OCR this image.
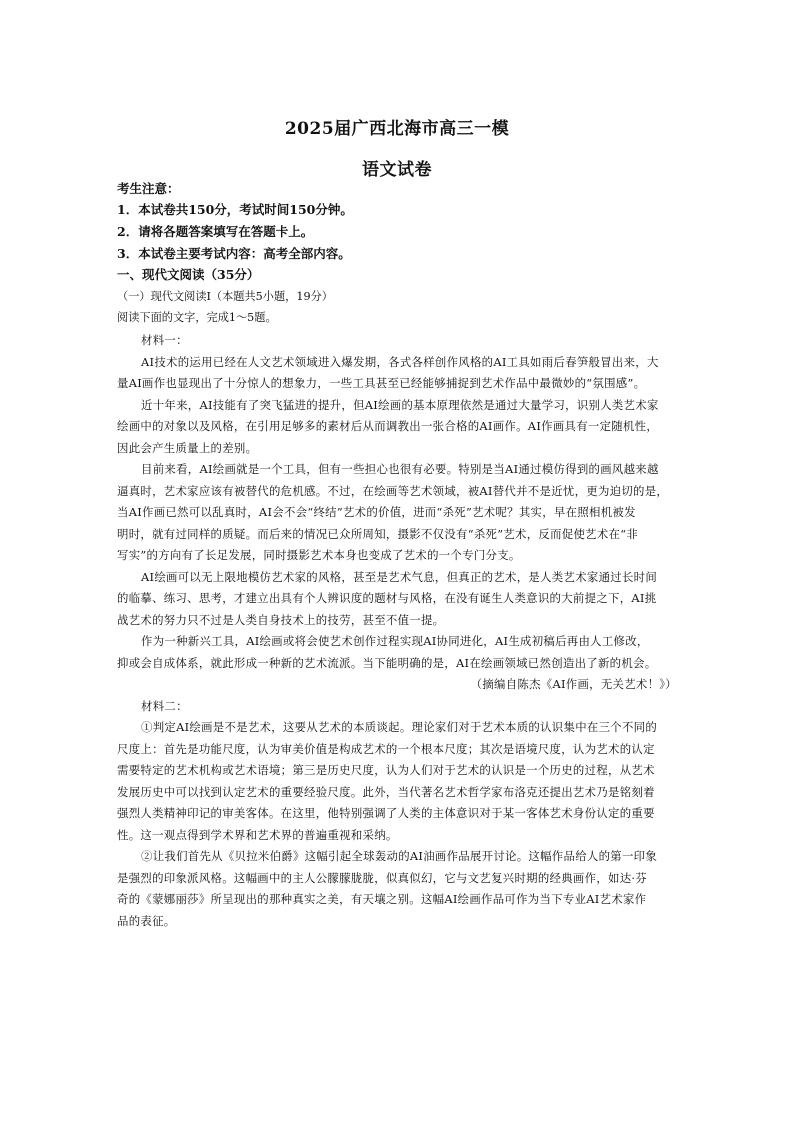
2025届广西北海市高三一模
语文试卷
考生注意：
1．本试卷共150分，考试时间150分钟。
2．请将各题答案填写在答题卡上。
3．本试卷主要考试内容：高考全部内容。
一、现代文阅读（35分）
（一）现代文阅读Ⅰ（本题共5小题，19分）
阅读下面的文字，完成1～5题。
材料一：
AI技术的运用已经在人文艺术领域进入爆发期，各式各样创作风格的AI工具如雨后春笋般冒出来，大
量AI画作也显现出了十分惊人的想象力，一些工具甚至已经能够捕捉到艺术作品中最微妙的“氛围感”。
近十年来，AI技能有了突飞猛进的提升，但AI绘画的基本原理依然是通过大量学习，识别人类艺术家
绘画中的对象以及风格，在引用足够多的素材后从而调教出一张合格的AI画作。AI作画具有一定随机性，
因此会产生质量上的差别。
目前来看，AI绘画就是一个工具，但有一些担心也很有必要。特别是当AI通过模仿得到的画风越来越
逼真时，艺术家应该有被替代的危机感。不过，在绘画等艺术领域，被AI替代并不是近忧，更为迫切的是，
当AI作画已然可以乱真时，AI会不会“终结”艺术的价值，进而“杀死”艺术呢？其实，早在照相机被发
明时，就有过同样的质疑。而后来的情况已众所周知，摄影不仅没有“杀死”艺术，反而促使艺术在“非
写实”的方向有了长足发展，同时摄影艺术本身也变成了艺术的一个专门分支。
AI绘画可以无上限地模仿艺术家的风格，甚至是艺术气息，但真正的艺术，是人类艺术家通过长时间
的临摹、练习、思考，才建立出具有个人辨识度的题材与风格，在没有诞生人类意识的大前提之下，AI挑
战艺术的努力只不过是人类自身技术上的技劳，甚至不值一提。
作为一种新兴工具，AI绘画或将会使艺术创作过程实现AI协同进化，AI生成初稿后再由人工修改，
抑或会自成体系，就此形成一种新的艺术流派。当下能明确的是，AI在绘画领域已然创造出了新的机会。
（摘编自陈杰《AI作画，无关艺术！》）
材料二：
①判定AI绘画是不是艺术，这要从艺术的本质谈起。理论家们对于艺术本质的认识集中在三个不同的
尺度上：首先是功能尺度，认为审美价值是构成艺术的一个根本尺度；其次是语境尺度，认为艺术的认定
需要特定的艺术机构或艺术语境；第三是历史尺度，认为人们对于艺术的认识是一个历史的过程，从艺术
发展历史中可以找到认定艺术的重要经验尺度。此外，当代著名艺术哲学家布洛克还提出艺术乃是铭刻着
强烈人类精神印记的审美客体。在这里，他特别强调了人类的主体意识对于某一客体艺术身份认定的重要
性。这一观点得到学术界和艺术界的普遍重视和采纳。
②让我们首先从《贝拉米伯爵》这幅引起全球轰动的AI油画作品展开讨论。这幅作品给人的第一印象
是强烈的印象派风格。这幅画中的主人公朦朦胧胧，似真似幻，它与文艺复兴时期的经典画作，如达·芬
奇的《蒙娜丽莎》所呈现出的那种真实之美，有天壤之别。这幅AI绘画作品可作为当下专业AI艺术家作
品的表征。
